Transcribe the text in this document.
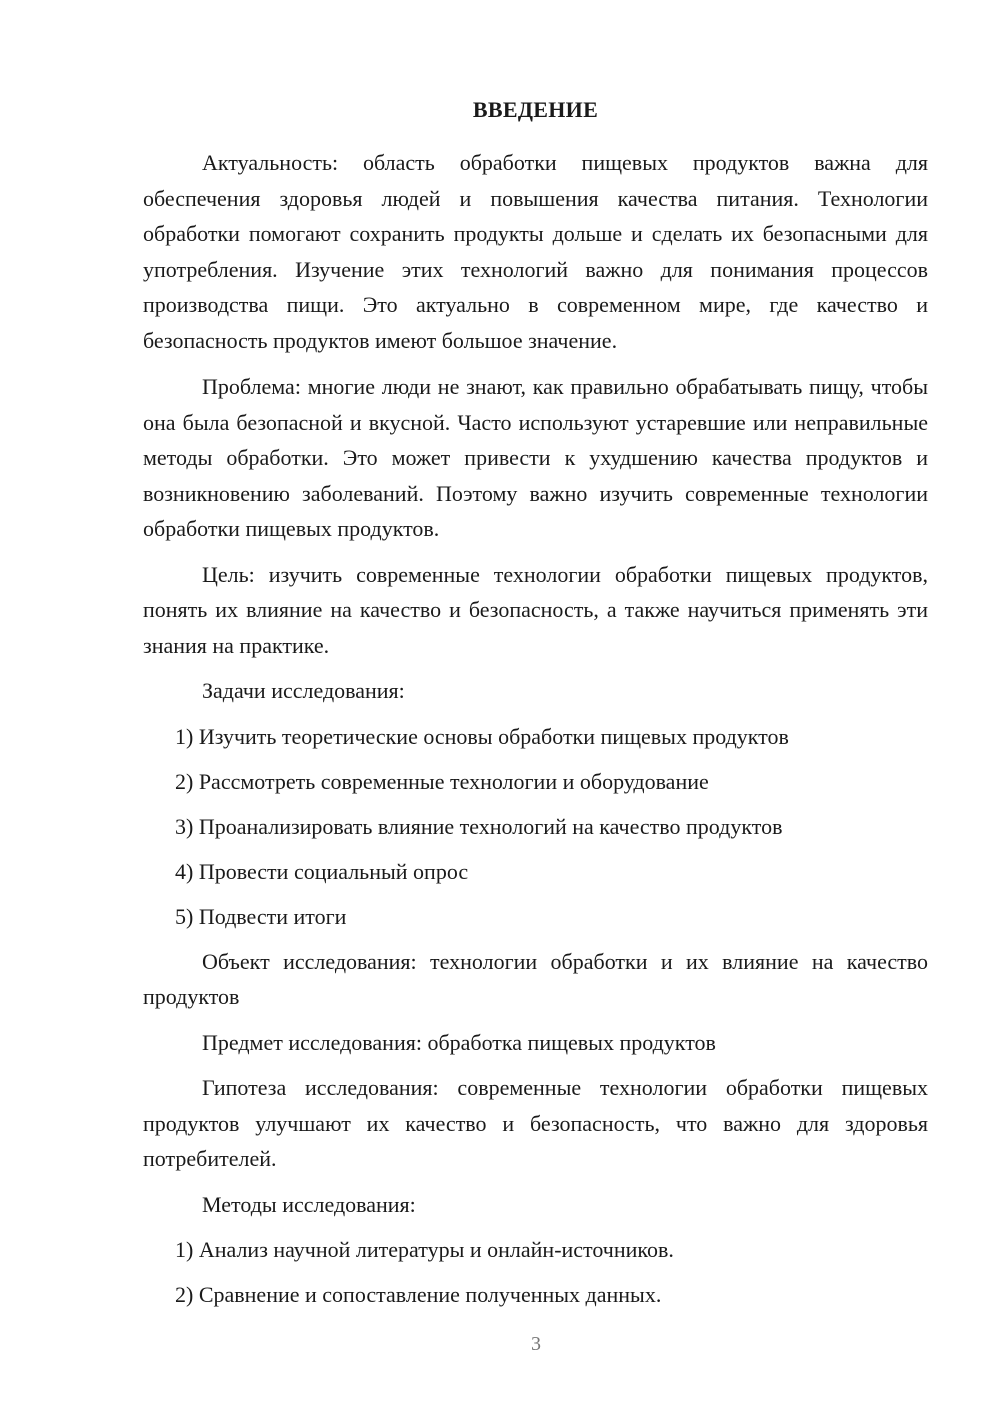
ВВЕДЕНИЕ

Актуальность: область обработки пищевых продуктов важна для обеспечения здоровья людей и повышения качества питания. Технологии обработки помогают сохранить продукты дольше и сделать их безопасными для употребления. Изучение этих технологий важно для понимания процессов производства пищи. Это актуально в современном мире, где качество и безопасность продуктов имеют большое значение.

Проблема: многие люди не знают, как правильно обрабатывать пищу, чтобы она была безопасной и вкусной. Часто используют устаревшие или неправильные методы обработки. Это может привести к ухудшению качества продуктов и возникновению заболеваний. Поэтому важно изучить современные технологии обработки пищевых продуктов.

Цель: изучить современные технологии обработки пищевых продуктов, понять их влияние на качество и безопасность, а также научиться применять эти знания на практике.

Задачи исследования:

1) Изучить теоретические основы обработки пищевых продуктов

2) Рассмотреть современные технологии и оборудование

3) Проанализировать влияние технологий на качество продуктов

4) Провести социальный опрос

5) Подвести итоги

Объект исследования: технологии обработки и их влияние на качество продуктов

Предмет исследования: обработка пищевых продуктов

Гипотеза исследования: современные технологии обработки пищевых продуктов улучшают их качество и безопасность, что важно для здоровья потребителей.

Методы исследования:

1) Анализ научной литературы и онлайн-источников.

2) Сравнение и сопоставление полученных данных.

3
